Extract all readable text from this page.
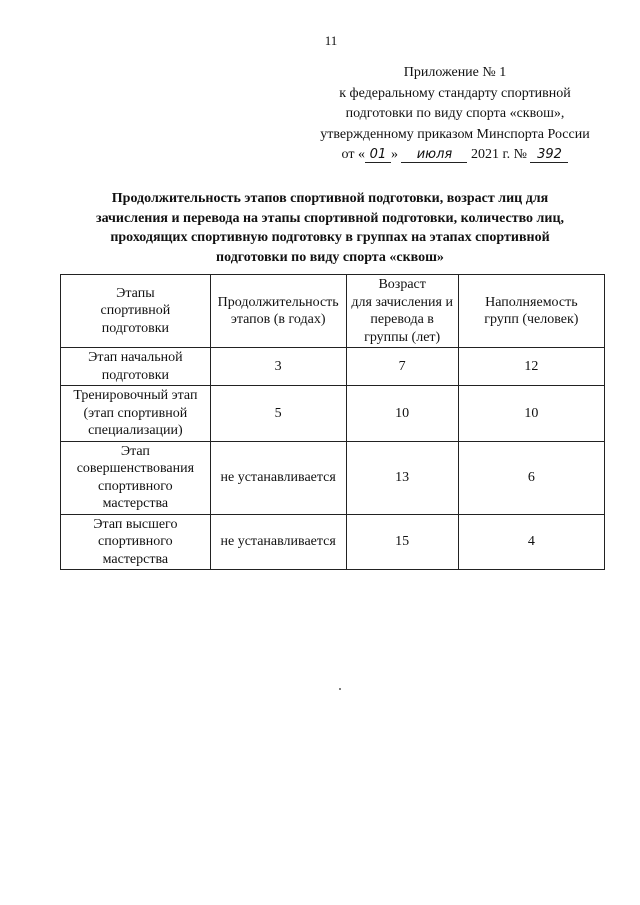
11
Приложение № 1
к федеральному стандарту спортивной
подготовки по виду спорта «сквош»,
утвержденному приказом Минспорта России
от « 01 » июля 2021 г. № 392
Продолжительность этапов спортивной подготовки, возраст лиц для
зачисления и перевода на этапы спортивной подготовки, количество лиц,
проходящих спортивную подготовку в группах на этапах спортивной
подготовки по виду спорта «сквош»
Этапы
спортивной
подготовки	Продолжительность
этапов (в годах)	Возраст
для зачисления и
перевода в
группы (лет)	Наполняемость
групп (человек)

Этап начальной
подготовки	3	7	12

Тренировочный этап
(этап спортивной
специализации)	5	10	10

Этап
совершенствования
спортивного
мастерства	не устанавливается	13	6

Этап высшего
спортивного
мастерства	не устанавливается	15	4
